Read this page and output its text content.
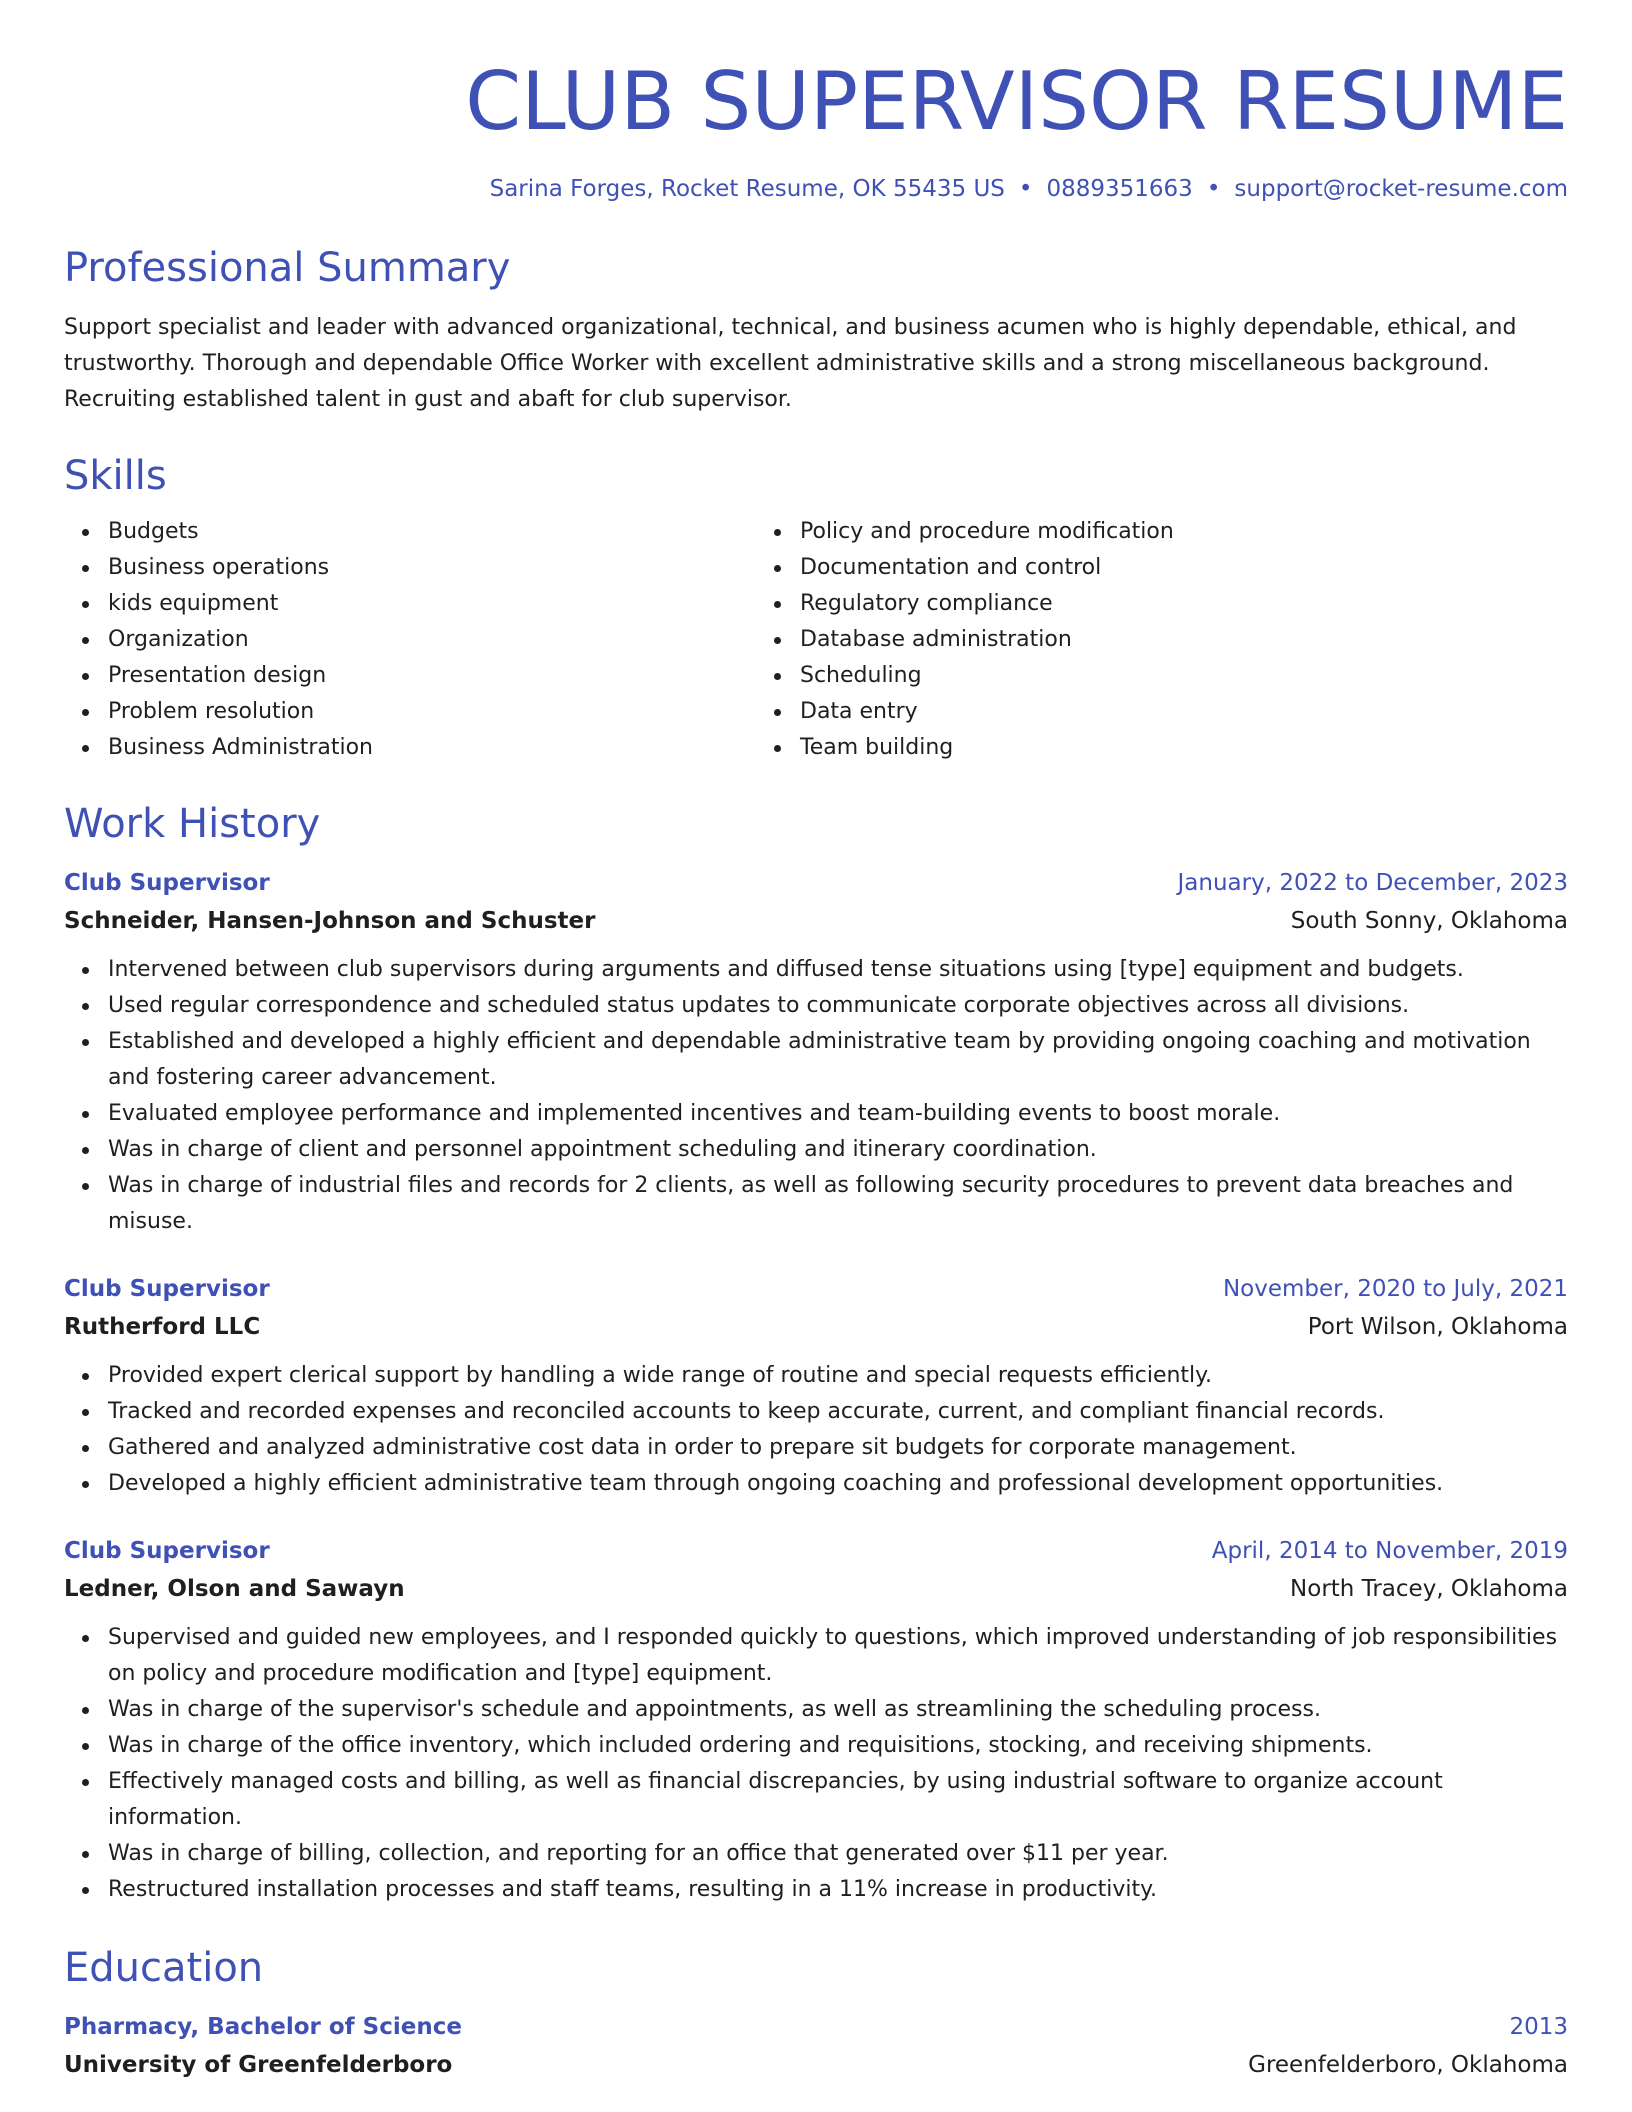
CLUB SUPERVISOR RESUME
Sarina Forges, Rocket Resume, OK 55435 US • 0889351663 • support@rocket-resume.com
Professional Summary
Support specialist and leader with advanced organizational, technical, and business acumen who is highly dependable, ethical, and trustworthy. Thorough and dependable Office Worker with excellent administrative skills and a strong miscellaneous background. Recruiting established talent in gust and abaft for club supervisor.
Skills
Budgets
Business operations
kids equipment
Organization
Presentation design
Problem resolution
Business Administration
Policy and procedure modification
Documentation and control
Regulatory compliance
Database administration
Scheduling
Data entry
Team building
Work History
Club Supervisor	January, 2022 to December, 2023
Schneider, Hansen-Johnson and Schuster	South Sonny, Oklahoma
Intervened between club supervisors during arguments and diffused tense situations using [type] equipment and budgets.
Used regular correspondence and scheduled status updates to communicate corporate objectives across all divisions.
Established and developed a highly efficient and dependable administrative team by providing ongoing coaching and motivation and fostering career advancement.
Evaluated employee performance and implemented incentives and team-building events to boost morale.
Was in charge of client and personnel appointment scheduling and itinerary coordination.
Was in charge of industrial files and records for 2 clients, as well as following security procedures to prevent data breaches and misuse.
Club Supervisor	November, 2020 to July, 2021
Rutherford LLC	Port Wilson, Oklahoma
Provided expert clerical support by handling a wide range of routine and special requests efficiently.
Tracked and recorded expenses and reconciled accounts to keep accurate, current, and compliant financial records.
Gathered and analyzed administrative cost data in order to prepare sit budgets for corporate management.
Developed a highly efficient administrative team through ongoing coaching and professional development opportunities.
Club Supervisor	April, 2014 to November, 2019
Ledner, Olson and Sawayn	North Tracey, Oklahoma
Supervised and guided new employees, and I responded quickly to questions, which improved understanding of job responsibilities on policy and procedure modification and [type] equipment.
Was in charge of the supervisor's schedule and appointments, as well as streamlining the scheduling process.
Was in charge of the office inventory, which included ordering and requisitions, stocking, and receiving shipments.
Effectively managed costs and billing, as well as financial discrepancies, by using industrial software to organize account information.
Was in charge of billing, collection, and reporting for an office that generated over $11 per year.
Restructured installation processes and staff teams, resulting in a 11% increase in productivity.
Education
Pharmacy, Bachelor of Science	2013
University of Greenfelderboro	Greenfelderboro, Oklahoma
